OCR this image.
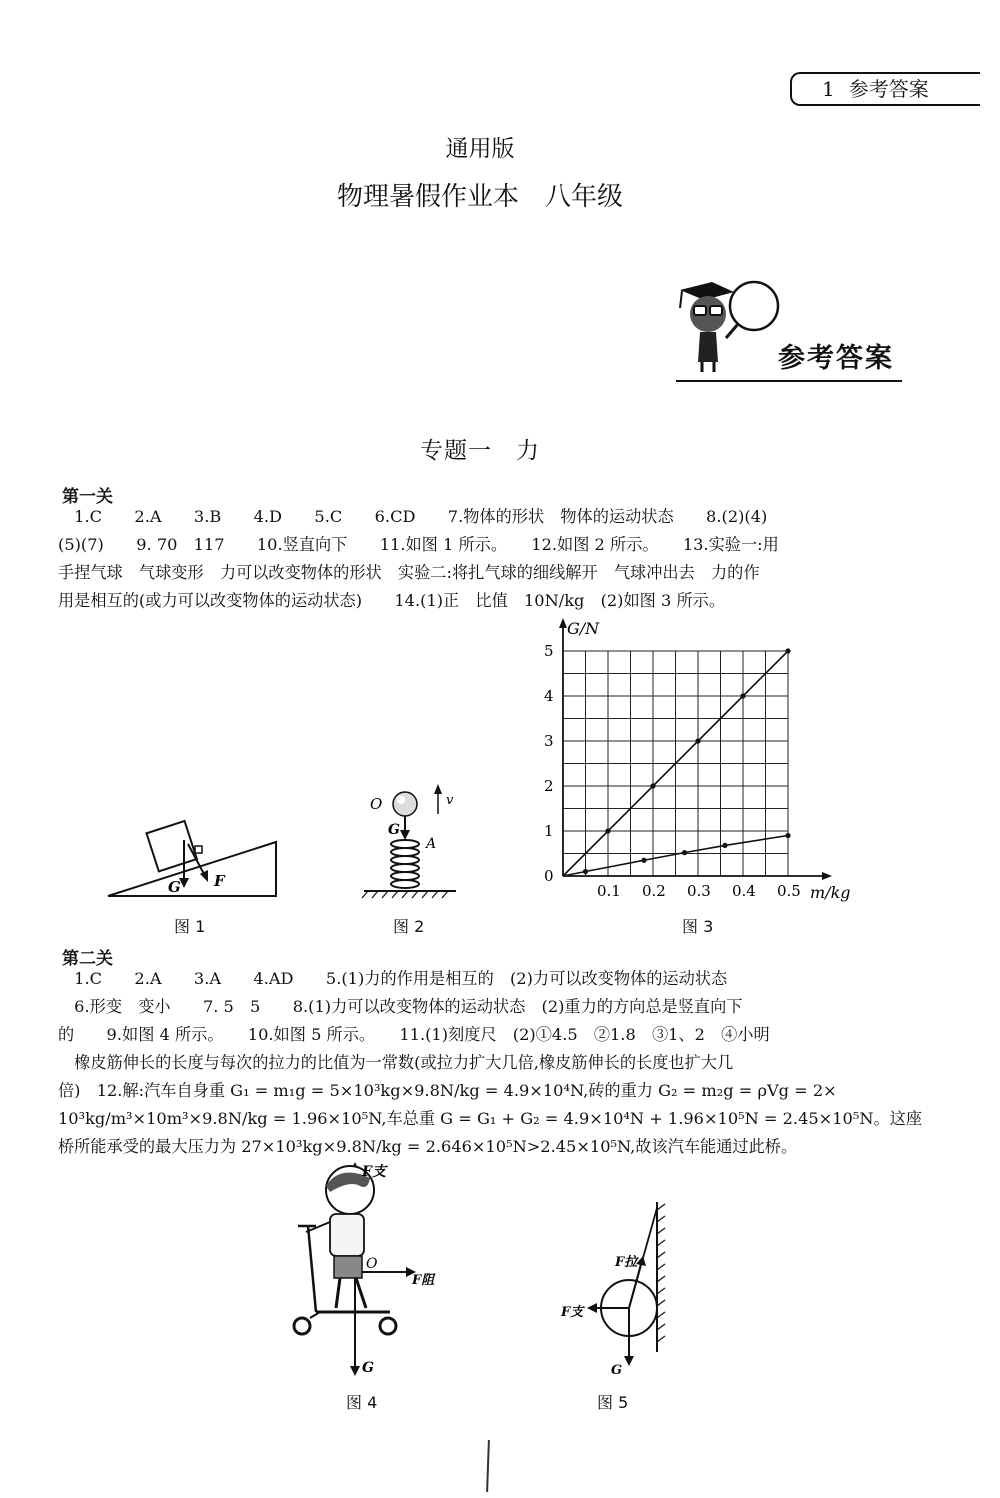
1 参考答案
通用版
物理暑假作业本　八年级
参考答案
专题一　力
第一关
　1.C　　2.A　　3.B　　4.D　　5.C　　6.CD　　7.物体的形状　物体的运动状态　　8.(2)(4)
(5)(7)　　9. 70　117　　10.竖直向下　　11.如图 1 所示。　　12.如图 2 所示。　　13.实验一:用
手捏气球　气球变形　力可以改变物体的形状　实验二:将扎气球的细线解开　气球冲出去　力的作
用是相互的(或力可以改变物体的运动状态)　　14.(1)正　比值　10N/kg　(2)如图 3 所示。
G F
图 1
O
G
v
A
图 2
0.1 0.2 0.3 0.4 0.5
0
1
2
3
4
5
m/kg
G/N
图 3
第二关
　1.C　　2.A　　3.A　　4.AD　　5.(1)力的作用是相互的　(2)力可以改变物体的运动状态
　6.形变　变小　　7. 5　5　　8.(1)力可以改变物体的运动状态　(2)重力的方向总是竖直向下
的　　9.如图 4 所示。　　10.如图 5 所示。　　11.(1)刻度尺　(2)①4.5　②1.8　③1、2　④小明
　橡皮筋伸长的长度与每次的拉力的比值为一常数(或拉力扩大几倍,橡皮筋伸长的长度也扩大几
倍)　12.解:汽车自身重 G₁ = m₁g = 5×10³kg×9.8N/kg = 4.9×10⁴N,砖的重力 G₂ = m₂g = ρVg = 2×
10³kg/m³×10m³×9.8N/kg = 1.96×10⁵N,车总重 G = G₁ + G₂ = 4.9×10⁴N + 1.96×10⁵N = 2.45×10⁵N。这座
桥所能承受的最大压力为 27×10³kg×9.8N/kg = 2.646×10⁵N>2.45×10⁵N,故该汽车能通过此桥。
F支
O
F阻
G
图 4
F拉
F支
G
图 5
